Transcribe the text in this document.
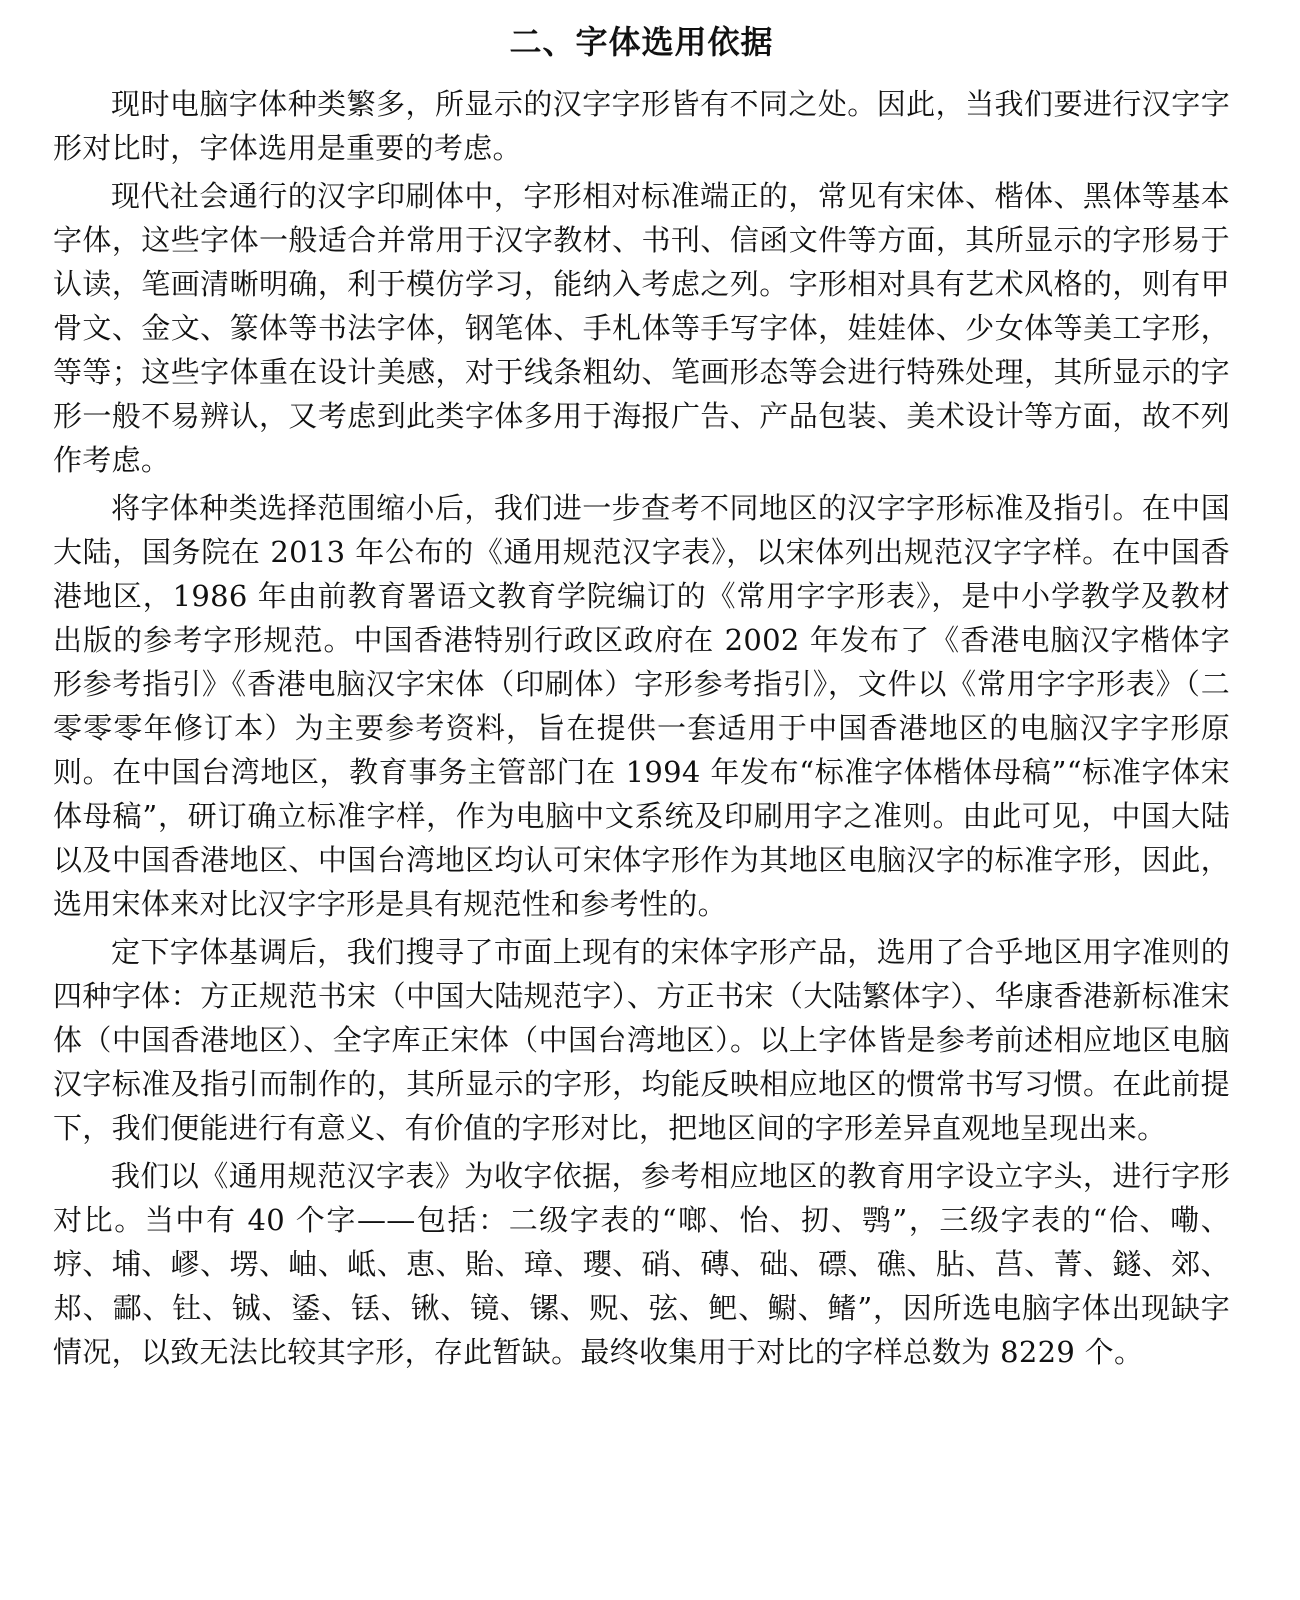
二、字体选用依据

现时电脑字体种类繁多，所显示的汉字字形皆有不同之处。因此，当我们要进行汉字字形对比时，字体选用是重要的考虑。

现代社会通行的汉字印刷体中，字形相对标准端正的，常见有宋体、楷体、黑体等基本字体，这些字体一般适合并常用于汉字教材、书刊、信函文件等方面，其所显示的字形易于认读，笔画清晰明确，利于模仿学习，能纳入考虑之列。字形相对具有艺术风格的，则有甲骨文、金文、篆体等书法字体，钢笔体、手札体等手写字体，娃娃体、少女体等美工字形，等等；这些字体重在设计美感，对于线条粗幼、笔画形态等会进行特殊处理，其所显示的字形一般不易辨认，又考虑到此类字体多用于海报广告、产品包装、美术设计等方面，故不列作考虑。

将字体种类选择范围缩小后，我们进一步查考不同地区的汉字字形标准及指引。在中国大陆，国务院在 2013 年公布的《通用规范汉字表》，以宋体列出规范汉字字样。在中国香港地区，1986 年由前教育署语文教育学院编订的《常用字字形表》，是中小学教学及教材出版的参考字形规范。中国香港特别行政区政府在 2002 年发布了《香港电脑汉字楷体字形参考指引》《香港电脑汉字宋体（印刷体）字形参考指引》，文件以《常用字字形表》（二零零零年修订本）为主要参考资料，旨在提供一套适用于中国香港地区的电脑汉字字形原则。在中国台湾地区，教育事务主管部门在 1994 年发布“标准字体楷体母稿”“标准字体宋体母稿”，研订确立标准字样，作为电脑中文系统及印刷用字之准则。由此可见，中国大陆以及中国香港地区、中国台湾地区均认可宋体字形作为其地区电脑汉字的标准字形，因此，选用宋体来对比汉字字形是具有规范性和参考性的。

定下字体基调后，我们搜寻了市面上现有的宋体字形产品，选用了合乎地区用字准则的四种字体：方正规范书宋（中国大陆规范字）、方正书宋（大陆繁体字）、华康香港新标准宋体（中国香港地区）、全字库正宋体（中国台湾地区）。以上字体皆是参考前述相应地区电脑汉字标准及指引而制作的，其所显示的字形，均能反映相应地区的惯常书写习惯。在此前提下，我们便能进行有意义、有价值的字形对比，把地区间的字形差异直观地呈现出来。

我们以《通用规范汉字表》为收字依据，参考相应地区的教育用字设立字头，进行字形对比。当中有 40 个字——包括：二级字表的“啷、怡、扨、鹗”，三级字表的“佮、嘞、垿、埔、嵺、塄、岫、岻、恵、貽、璋、瓔、硝、磚、础、磦、礁、胋、莒、菁、鐩、郊、邞、酃、钍、铖、鋈、铥、锹、镜、镙、贶、弦、鲃、鳚、鳍”，因所选电脑字体出现缺字情况，以致无法比较其字形，存此暂缺。最终收集用于对比的字样总数为 8229 个。
